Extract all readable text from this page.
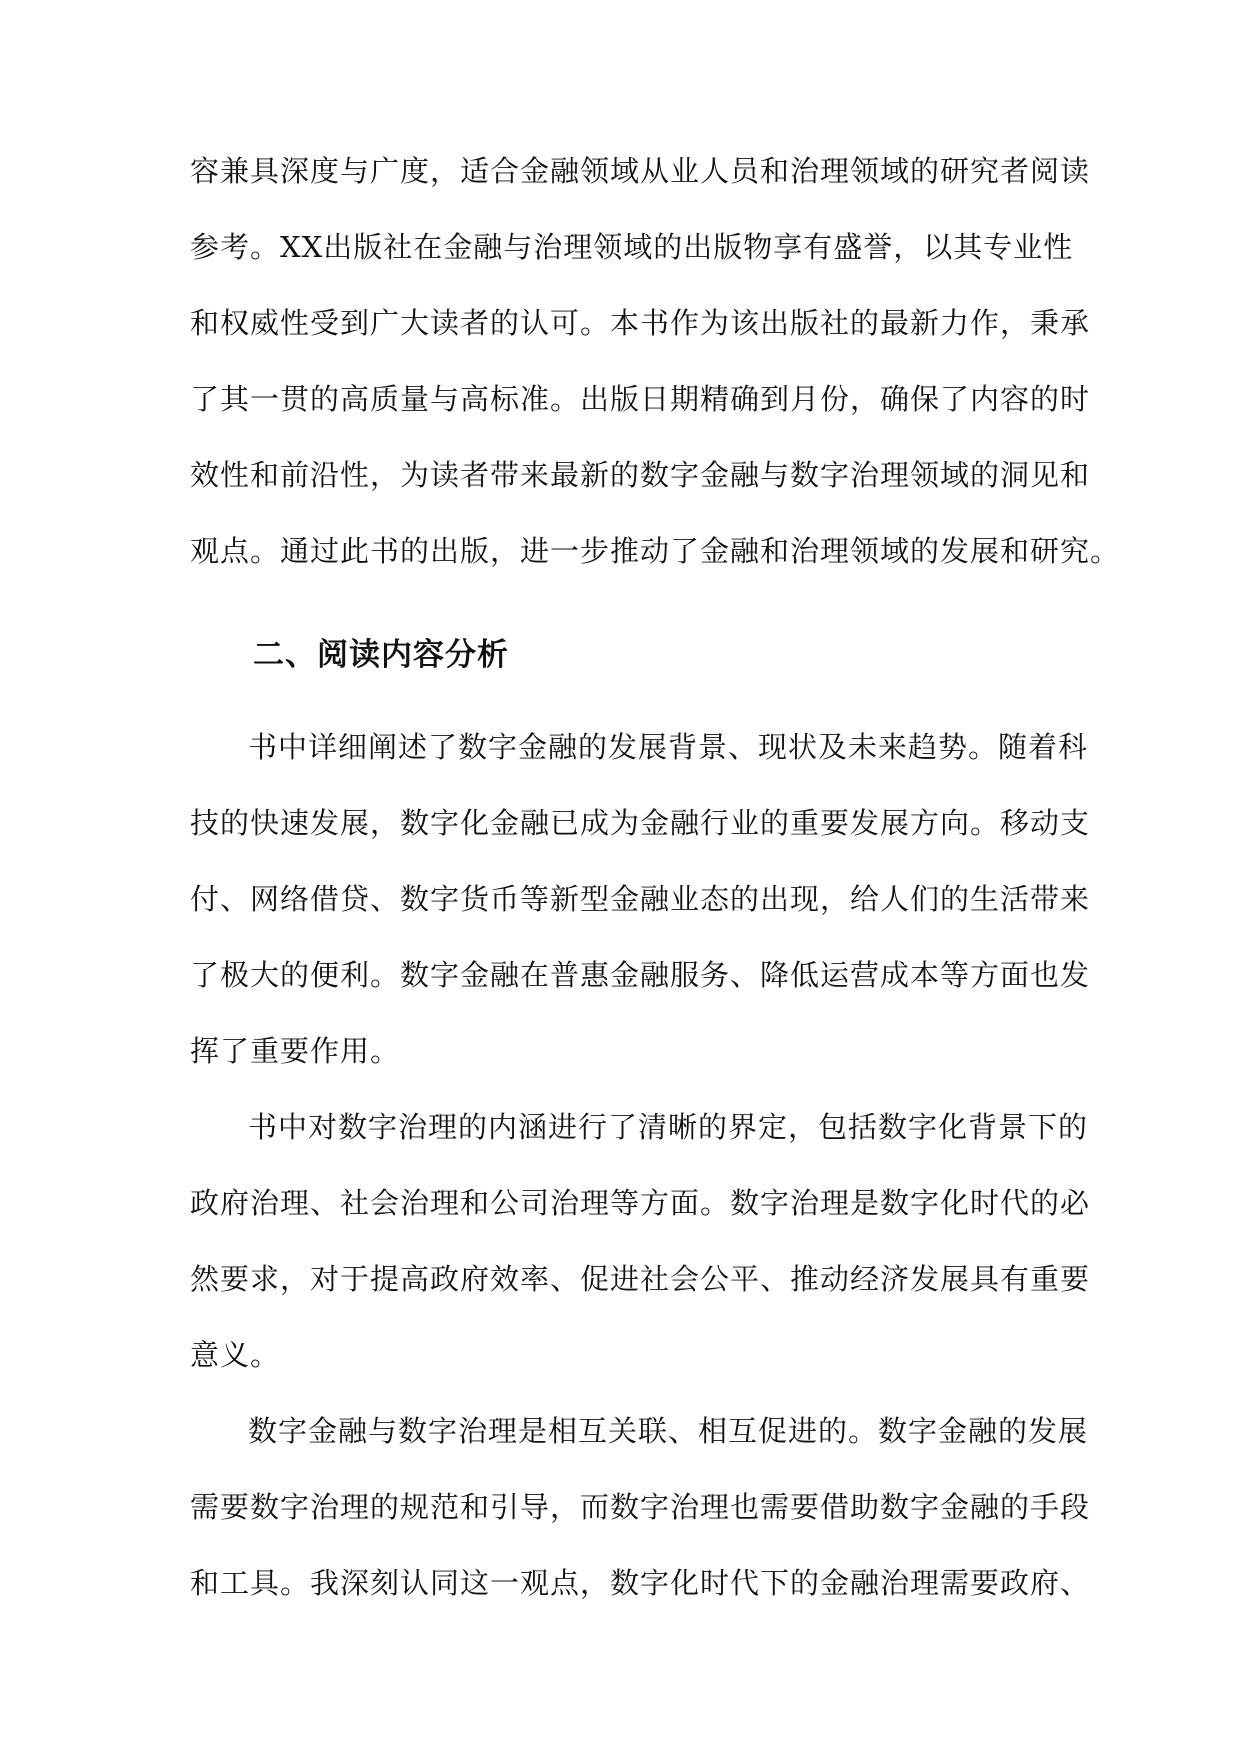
容兼具深度与广度，适合金融领域从业人员和治理领域的研究者阅读
参考。XX出版社在金融与治理领域的出版物享有盛誉，以其专业性
和权威性受到广大读者的认可。本书作为该出版社的最新力作，秉承
了其一贯的高质量与高标准。出版日期精确到月份，确保了内容的时
效性和前沿性，为读者带来最新的数字金融与数字治理领域的洞见和
观点。通过此书的出版，进一步推动了金融和治理领域的发展和研究。
二、阅读内容分析
书中详细阐述了数字金融的发展背景、现状及未来趋势。随着科
技的快速发展，数字化金融已成为金融行业的重要发展方向。移动支
付、网络借贷、数字货币等新型金融业态的出现，给人们的生活带来
了极大的便利。数字金融在普惠金融服务、降低运营成本等方面也发
挥了重要作用。
书中对数字治理的内涵进行了清晰的界定，包括数字化背景下的
政府治理、社会治理和公司治理等方面。数字治理是数字化时代的必
然要求，对于提高政府效率、促进社会公平、推动经济发展具有重要
意义。
数字金融与数字治理是相互关联、相互促进的。数字金融的发展
需要数字治理的规范和引导，而数字治理也需要借助数字金融的手段
和工具。我深刻认同这一观点，数字化时代下的金融治理需要政府、
